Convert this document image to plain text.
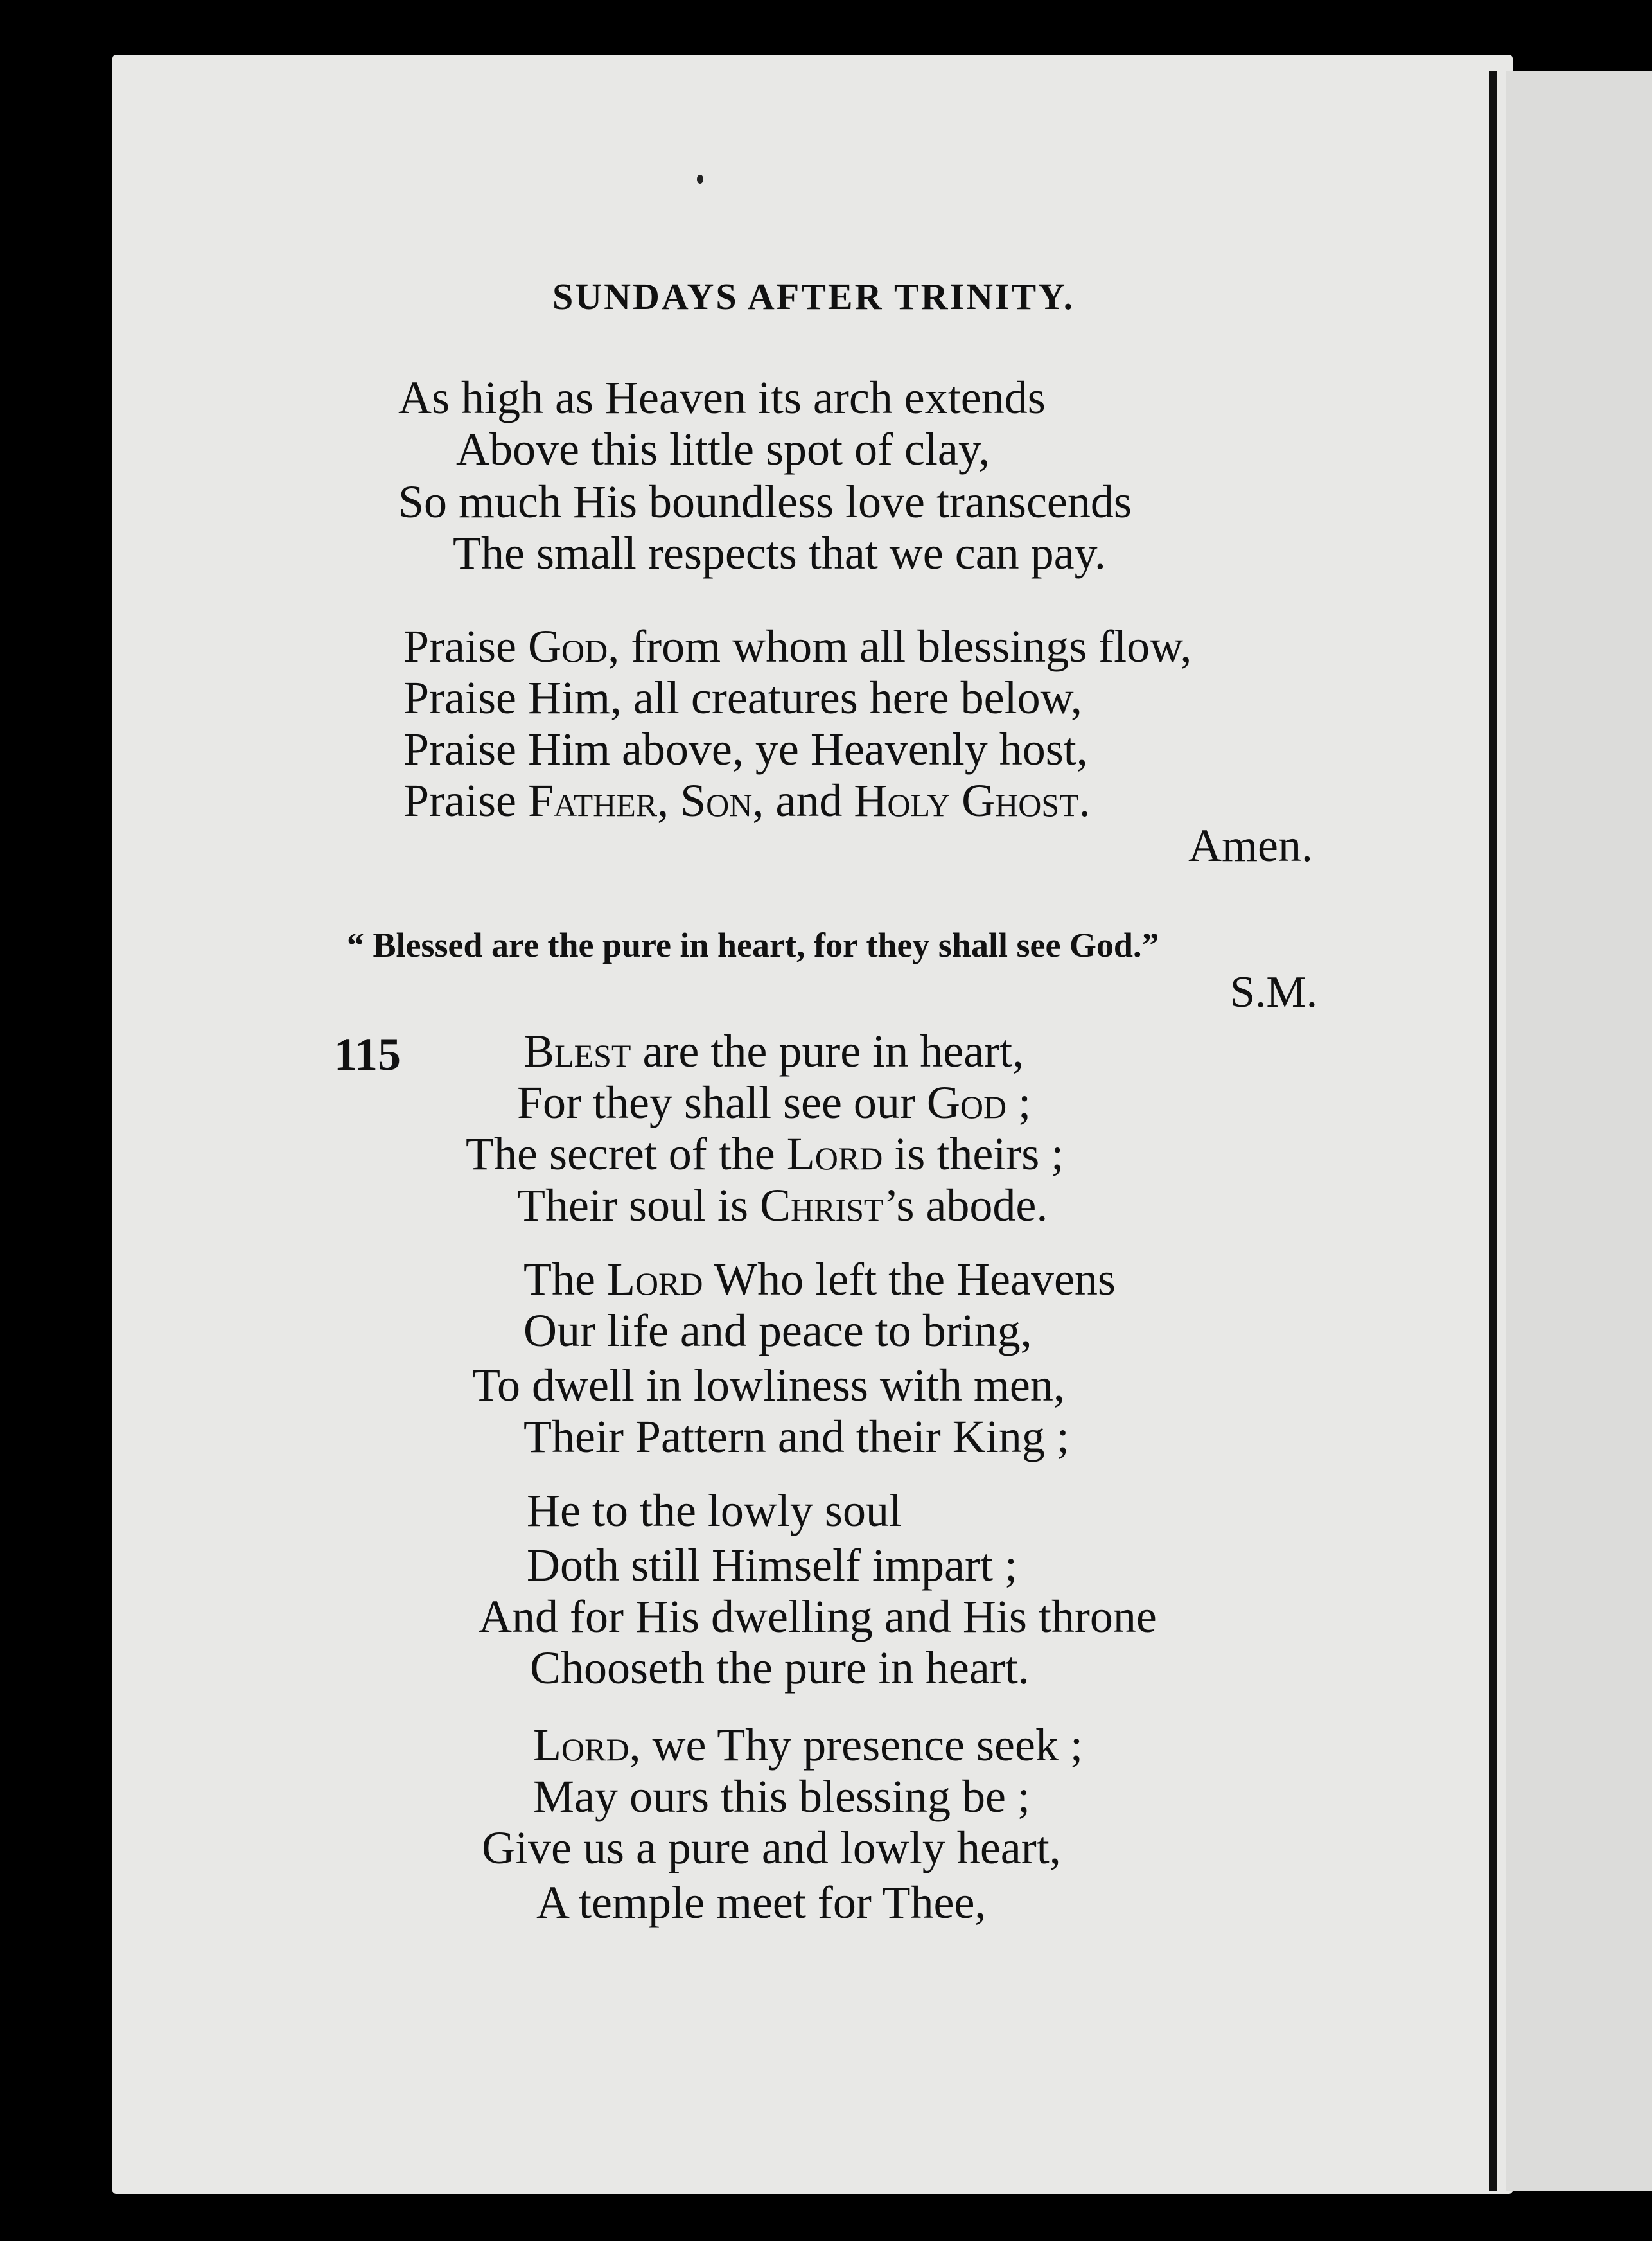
SUNDAYS AFTER TRINITY.
As high as Heaven its arch extends
Above this little spot of clay,
So much His boundless love transcends
The small respects that we can pay.
Praise God, from whom all blessings flow,
Praise Him, all creatures here below,
Praise Him above, ye Heavenly host,
Praise Father, Son, and Holy Ghost.
Amen.
“ Blessed are the pure in heart, for they shall see God.”
S.M.
115	Blest are the pure in heart,
For they shall see our God ;
The secret of the Lord is theirs ;
Their soul is Christ’s abode.
The Lord Who left the Heavens
Our life and peace to bring,
To dwell in lowliness with men,
Their Pattern and their King ;
He to the lowly soul
Doth still Himself impart ;
And for His dwelling and His throne
Chooseth the pure in heart.
Lord, we Thy presence seek ;
May ours this blessing be ;
Give us a pure and lowly heart,
A temple meet for Thee,
